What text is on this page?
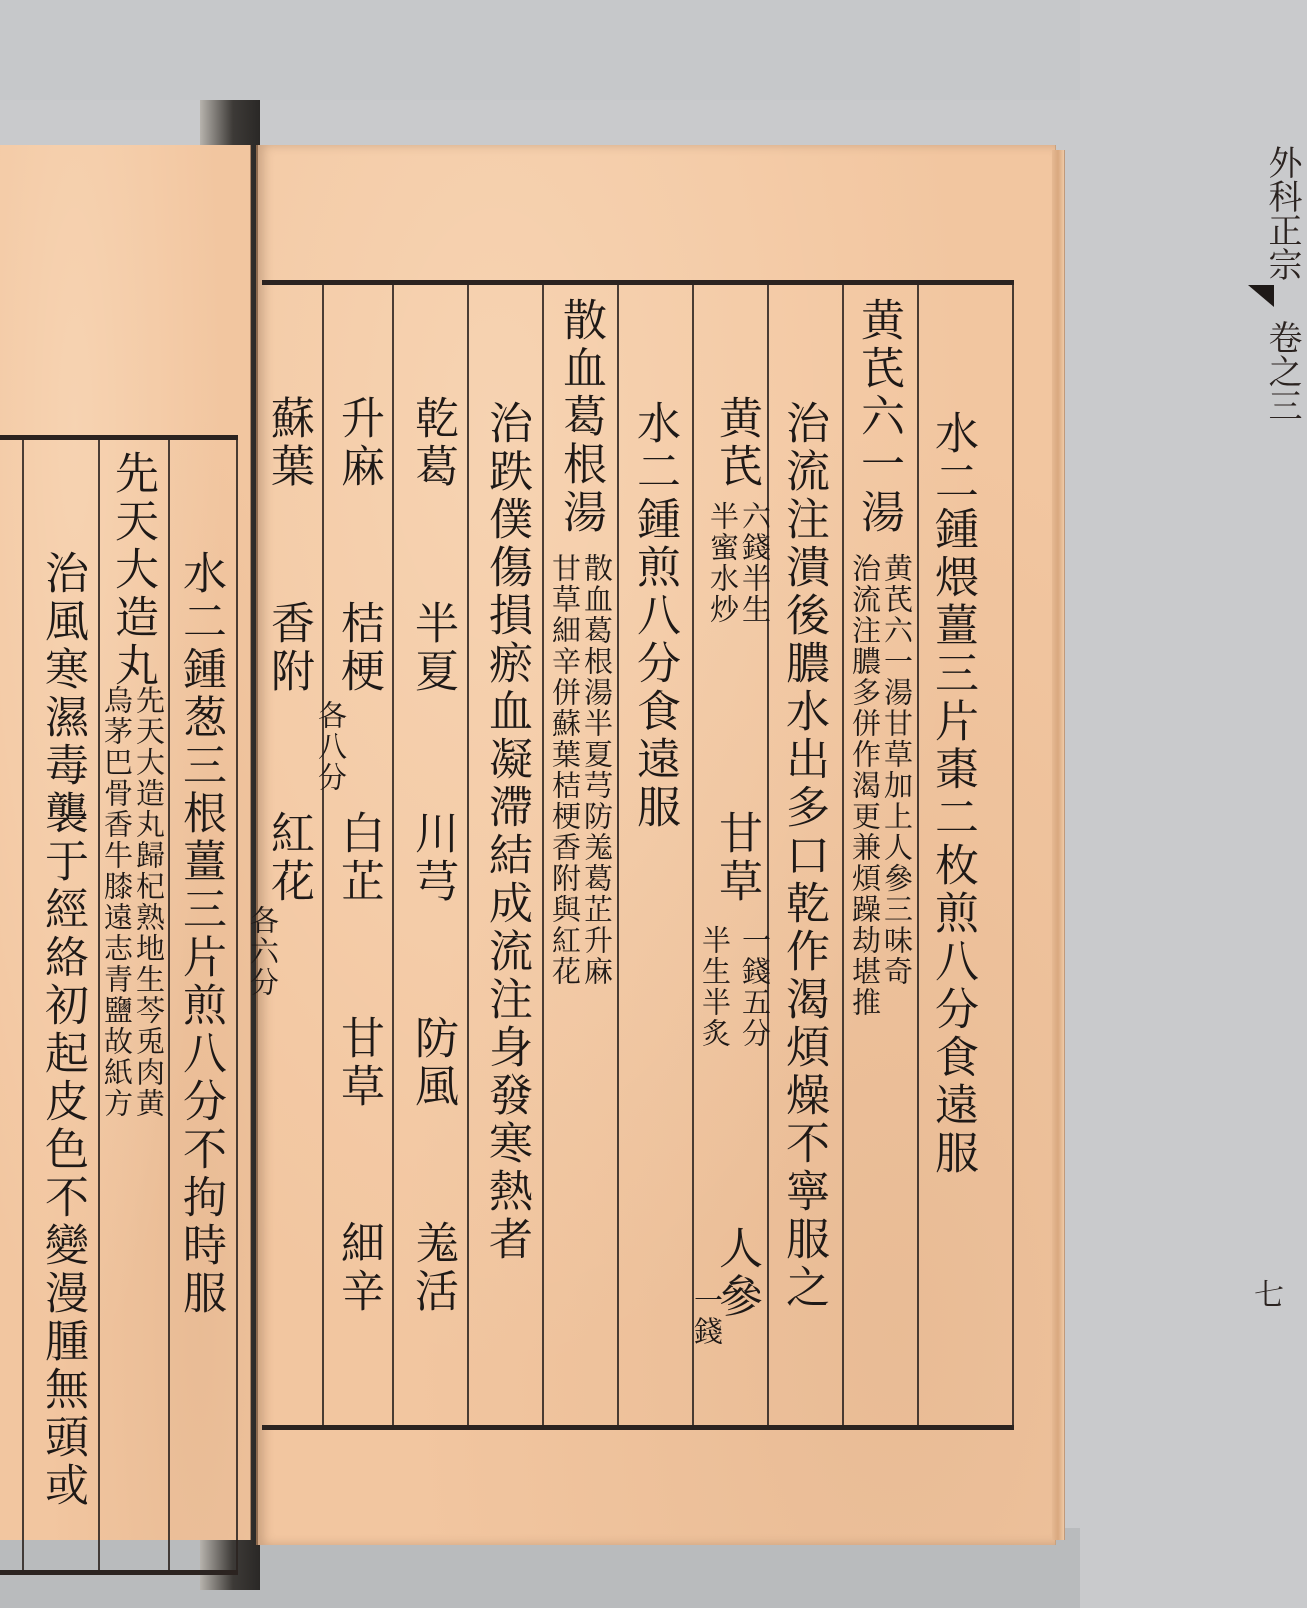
水二鍾葱三根薑三片煎八分不拘時服
先天大造丸
先天大造丸歸杞熟地生芩兎肉黄
烏茅巴骨香牛膝遠志青鹽故紙方
治風寒濕毒襲于經絡初起皮色不變漫腫無頭或
外科正宗
卷之三
七
水二鍾煨薑三片棗二枚煎八分食遠服
黄芪六一湯
黄芪六一湯甘草加上人參三味奇
治流注膿多併作渴更兼煩躁劫堪推
治流注潰後膿水出多口乾作渴煩燥不寧服之
黄芪
六錢半生
半蜜水炒
甘草
一錢五分
半生半炙
人參
一錢
水二鍾煎八分食遠服
散血葛根湯
散血葛根湯半夏芎防羗葛芷升麻
甘草細辛併蘇葉桔梗香附與紅花
治跌僕傷損瘀血凝滯結成流注身發寒熱者
乾葛
半夏
川芎
防風
羗活
升麻
桔梗
各八分
白芷
甘草
細辛
蘇葉
香附
紅花
各六分
